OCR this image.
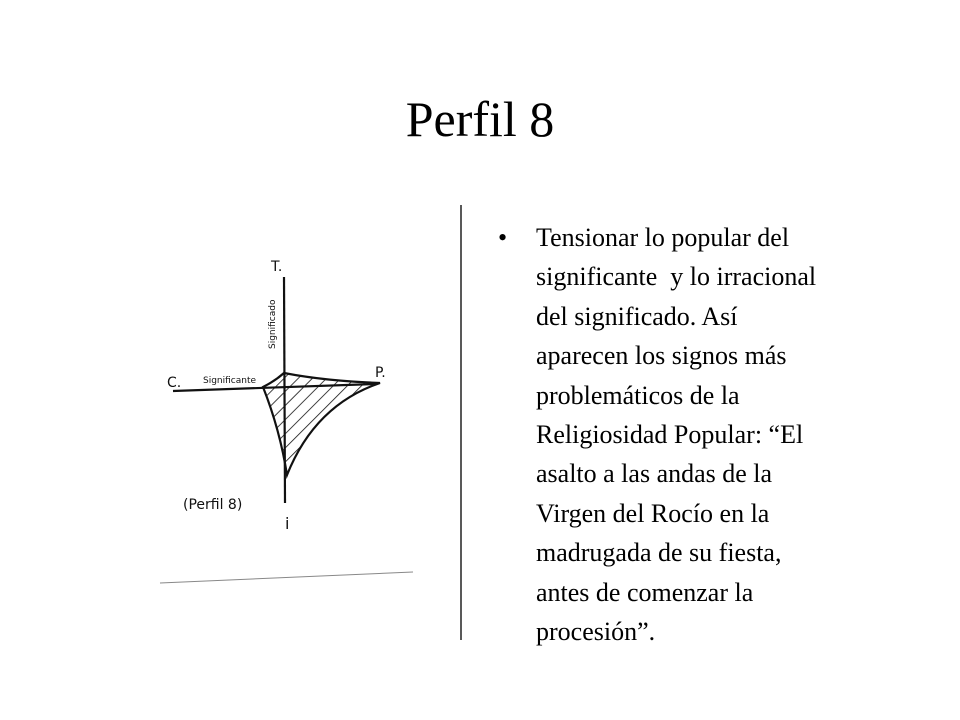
Perfil 8
T.
C.
P.
i
Significado
Significante
(Perfil 8)
• Tensionar lo popular del
significante  y lo irracional
del significado. Así
aparecen los signos más
problemáticos de la
Religiosidad Popular: “El
asalto a las andas de la
Virgen del Rocío en la
madrugada de su fiesta,
antes de comenzar la
procesión”.
